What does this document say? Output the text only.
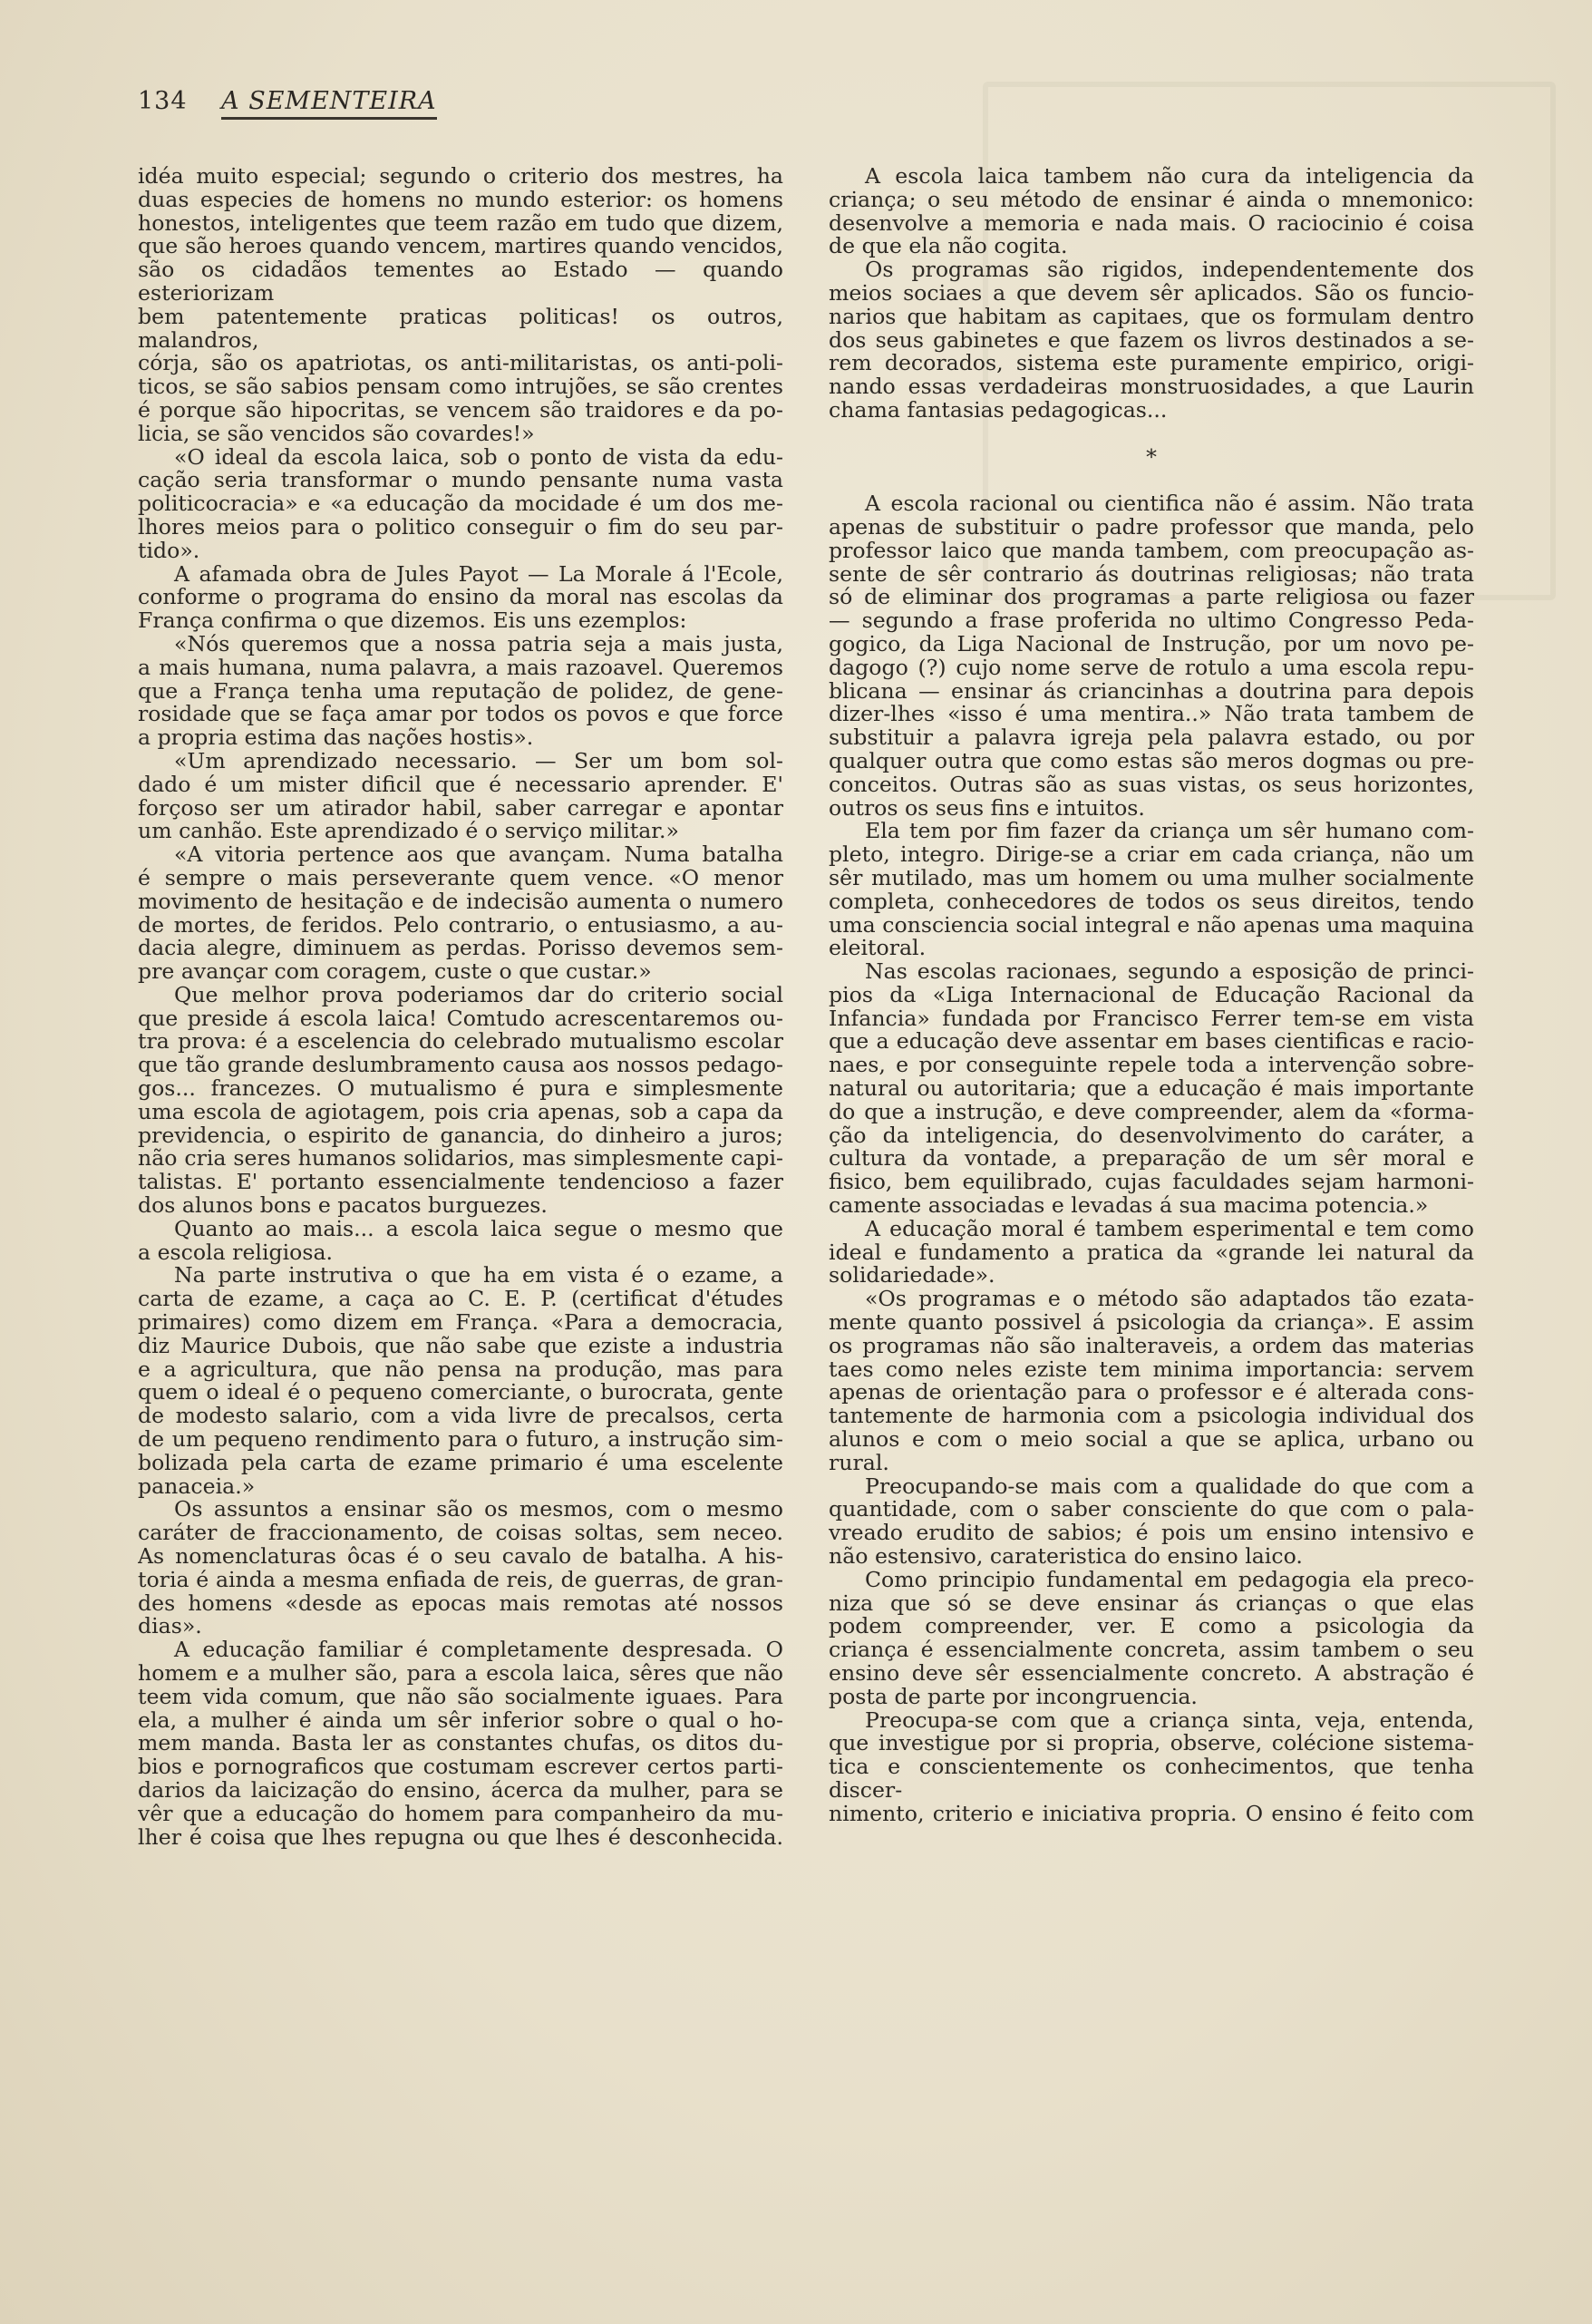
134 A SEMENTEIRA
idéa muito especial; segundo o criterio dos mestres, ha
duas especies de homens no mundo esterior: os homens
honestos, inteligentes que teem razão em tudo que dizem,
que são heroes quando vencem, martires quando vencidos,
são os cidadãos tementes ao Estado — quando esteriorizam
bem patentemente praticas politicas! os outros, malandros,
córja, são os apatriotas, os anti-militaristas, os anti-poli-
ticos, se são sabios pensam como intrujões, se são crentes
é porque são hipocritas, se vencem são traidores e da po-
licia, se são vencidos são covardes!»
«O ideal da escola laica, sob o ponto de vista da edu-
cação seria transformar o mundo pensante numa vasta
politicocracia» e «a educação da mocidade é um dos me-
lhores meios para o politico conseguir o fim do seu par-
tido».
A afamada obra de Jules Payot — La Morale á l'Ecole,
conforme o programa do ensino da moral nas escolas da
França confirma o que dizemos. Eis uns ezemplos:
«Nós queremos que a nossa patria seja a mais justa,
a mais humana, numa palavra, a mais razoavel. Queremos
que a França tenha uma reputação de polidez, de gene-
rosidade que se faça amar por todos os povos e que force
a propria estima das nações hostis».
«Um aprendizado necessario. — Ser um bom sol-
dado é um mister dificil que é necessario aprender. E'
forçoso ser um atirador habil, saber carregar e apontar
um canhão. Este aprendizado é o serviço militar.»
«A vitoria pertence aos que avançam. Numa batalha
é sempre o mais perseverante quem vence. «O menor
movimento de hesitação e de indecisão aumenta o numero
de mortes, de feridos. Pelo contrario, o entusiasmo, a au-
dacia alegre, diminuem as perdas. Porisso devemos sem-
pre avançar com coragem, custe o que custar.»
Que melhor prova poderiamos dar do criterio social
que preside á escola laica! Comtudo acrescentaremos ou-
tra prova: é a escelencia do celebrado mutualismo escolar
que tão grande deslumbramento causa aos nossos pedago-
gos... francezes. O mutualismo é pura e simplesmente
uma escola de agiotagem, pois cria apenas, sob a capa da
previdencia, o espirito de ganancia, do dinheiro a juros;
não cria seres humanos solidarios, mas simplesmente capi-
talistas. E' portanto essencialmente tendencioso a fazer
dos alunos bons e pacatos burguezes.
Quanto ao mais... a escola laica segue o mesmo que
a escola religiosa.
Na parte instrutiva o que ha em vista é o ezame, a
carta de ezame, a caça ao C. E. P. (certificat d'études
primaires) como dizem em França. «Para a democracia,
diz Maurice Dubois, que não sabe que eziste a industria
e a agricultura, que não pensa na produção, mas para
quem o ideal é o pequeno comerciante, o burocrata, gente
de modesto salario, com a vida livre de precalsos, certa
de um pequeno rendimento para o futuro, a instrução sim-
bolizada pela carta de ezame primario é uma escelente
panaceia.»
Os assuntos a ensinar são os mesmos, com o mesmo
caráter de fraccionamento, de coisas soltas, sem neceo.
As nomenclaturas ôcas é o seu cavalo de batalha. A his-
toria é ainda a mesma enfiada de reis, de guerras, de gran-
des homens «desde as epocas mais remotas até nossos
dias».
A educação familiar é completamente despresada. O
homem e a mulher são, para a escola laica, sêres que não
teem vida comum, que não são socialmente iguaes. Para
ela, a mulher é ainda um sêr inferior sobre o qual o ho-
mem manda. Basta ler as constantes chufas, os ditos du-
bios e pornograficos que costumam escrever certos parti-
darios da laicização do ensino, ácerca da mulher, para se
vêr que a educação do homem para companheiro da mu-
lher é coisa que lhes repugna ou que lhes é desconhecida.
A escola laica tambem não cura da inteligencia da
criança; o seu método de ensinar é ainda o mnemonico:
desenvolve a memoria e nada mais. O raciocinio é coisa
de que ela não cogita.
Os programas são rigidos, independentemente dos
meios sociaes a que devem sêr aplicados. São os funcio-
narios que habitam as capitaes, que os formulam dentro
dos seus gabinetes e que fazem os livros destinados a se-
rem decorados, sistema este puramente empirico, origi-
nando essas verdadeiras monstruosidades, a que Laurin
chama fantasias pedagogicas...
*
A escola racional ou cientifica não é assim. Não trata
apenas de substituir o padre professor que manda, pelo
professor laico que manda tambem, com preocupação as-
sente de sêr contrario ás doutrinas religiosas; não trata
só de eliminar dos programas a parte religiosa ou fazer
— segundo a frase proferida no ultimo Congresso Peda-
gogico, da Liga Nacional de Instrução, por um novo pe-
dagogo (?) cujo nome serve de rotulo a uma escola repu-
blicana — ensinar ás criancinhas a doutrina para depois
dizer-lhes «isso é uma mentira..» Não trata tambem de
substituir a palavra igreja pela palavra estado, ou por
qualquer outra que como estas são meros dogmas ou pre-
conceitos. Outras são as suas vistas, os seus horizontes,
outros os seus fins e intuitos.
Ela tem por fim fazer da criança um sêr humano com-
pleto, integro. Dirige-se a criar em cada criança, não um
sêr mutilado, mas um homem ou uma mulher socialmente
completa, conhecedores de todos os seus direitos, tendo
uma consciencia social integral e não apenas uma maquina
eleitoral.
Nas escolas racionaes, segundo a esposição de princi-
pios da «Liga Internacional de Educação Racional da
Infancia» fundada por Francisco Ferrer tem-se em vista
que a educação deve assentar em bases cientificas e racio-
naes, e por conseguinte repele toda a intervenção sobre-
natural ou autoritaria; que a educação é mais importante
do que a instrução, e deve compreender, alem da «forma-
ção da inteligencia, do desenvolvimento do caráter, a
cultura da vontade, a preparação de um sêr moral e
fisico, bem equilibrado, cujas faculdades sejam harmoni-
camente associadas e levadas á sua macima potencia.»
A educação moral é tambem esperimental e tem como
ideal e fundamento a pratica da «grande lei natural da
solidariedade».
«Os programas e o método são adaptados tão ezata-
mente quanto possivel á psicologia da criança». E assim
os programas não são inalteraveis, a ordem das materias
taes como neles eziste tem minima importancia: servem
apenas de orientação para o professor e é alterada cons-
tantemente de harmonia com a psicologia individual dos
alunos e com o meio social a que se aplica, urbano ou
rural.
Preocupando-se mais com a qualidade do que com a
quantidade, com o saber consciente do que com o pala-
vreado erudito de sabios; é pois um ensino intensivo e
não estensivo, carateristica do ensino laico.
Como principio fundamental em pedagogia ela preco-
niza que só se deve ensinar ás crianças o que elas
podem compreender, ver. E como a psicologia da
criança é essencialmente concreta, assim tambem o seu
ensino deve sêr essencialmente concreto. A abstração é
posta de parte por incongruencia.
Preocupa-se com que a criança sinta, veja, entenda,
que investigue por si propria, observe, colécione sistema-
tica e conscientemente os conhecimentos, que tenha discer-
nimento, criterio e iniciativa propria. O ensino é feito com
